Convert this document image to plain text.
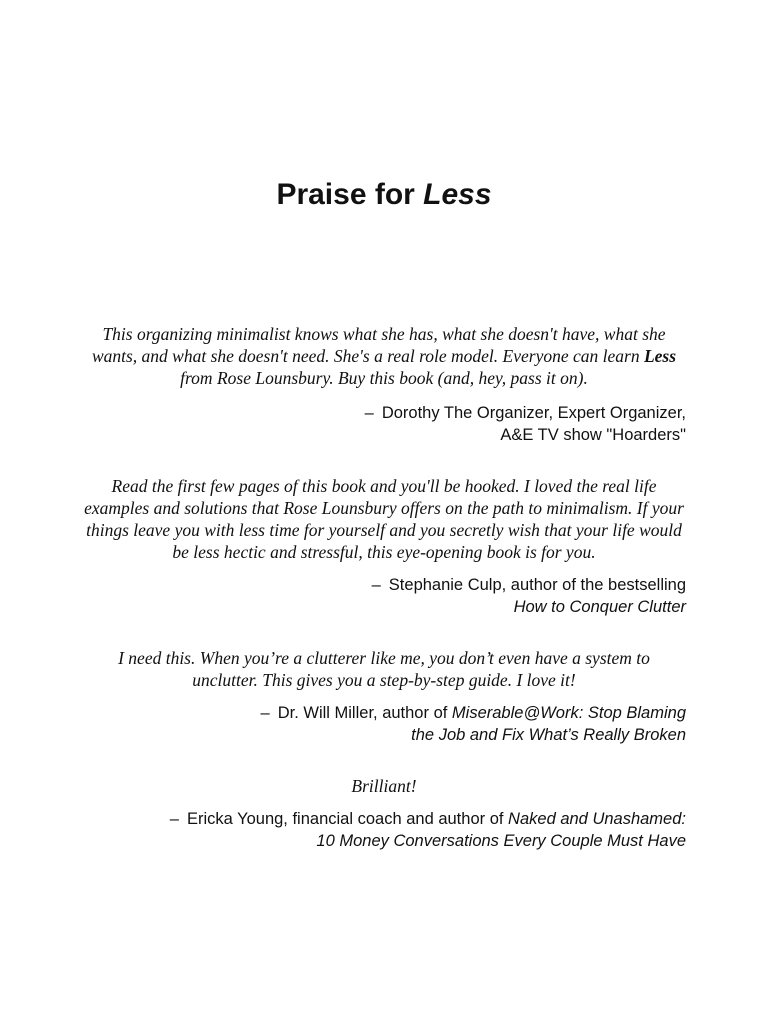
Praise for Less

This organizing minimalist knows what she has, what she doesn't have, what she wants, and what she doesn't need. She's a real role model. Everyone can learn Less from Rose Lounsbury. Buy this book (and, hey, pass it on).

– Dorothy The Organizer, Expert Organizer,
A&E TV show "Hoarders"

Read the first few pages of this book and you'll be hooked. I loved the real life examples and solutions that Rose Lounsbury offers on the path to minimalism. If your things leave you with less time for yourself and you secretly wish that your life would be less hectic and stressful, this eye-opening book is for you.

– Stephanie Culp, author of the bestselling
How to Conquer Clutter

I need this. When you’re a clutterer like me, you don’t even have a system to unclutter. This gives you a step-by-step guide. I love it!

– Dr. Will Miller, author of Miserable@Work: Stop Blaming
the Job and Fix What’s Really Broken

Brilliant!

– Ericka Young, financial coach and author of Naked and Unashamed:
10 Money Conversations Every Couple Must Have
